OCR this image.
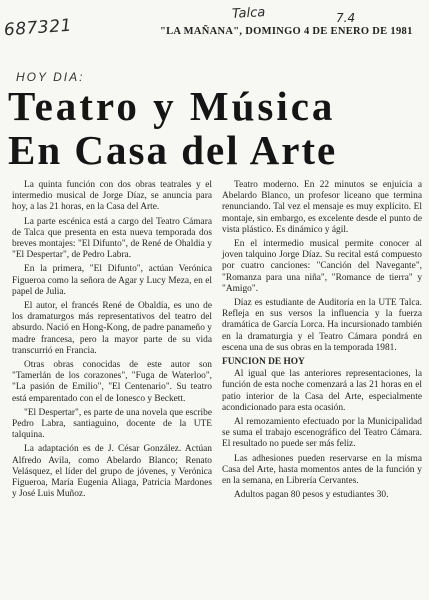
687321
Talca	7.4
"LA MAÑANA", DOMINGO 4 DE ENERO DE 1981
HOY DIA:
Teatro y Música
En Casa del Arte

La quinta función con dos obras teatrales y el intermedio musical de Jorge Díaz, se anuncia para hoy, a las 21 horas, en la Casa del Arte.

La parte escénica está a cargo del Teatro Cámara de Talca que presenta en esta nueva temporada dos breves montajes: "El Difunto", de René de Ohaldia y "El Despertar", de Pedro Labra.

En la primera, "El Difunto", actúan Verónica Figueroa como la señora de Agar y Lucy Meza, en el papel de Julia.

El autor, el francés René de Obaldía, es uno de los dramaturgos más representativos del teatro del absurdo. Nació en Hong-Kong, de padre panameño y madre francesa, pero la mayor parte de su vida transcurrió en Francia.

Otras obras conocidas de este autor son "Tamerlán de los corazones", "Fuga de Waterloo", "La pasión de Emilio", "El Centenario". Su teatro está emparentado con el de Ionesco y Beckett.

"El Despertar", es parte de una novela que escribe Pedro Labra, santiaguino, docente de la UTE talquina.

La adaptación es de J. César González. Actúan Alfredo Avila, como Abelardo Blanco; Renato Velásquez, el líder del grupo de jóvenes, y Verónica Figueroa, María Eugenia Aliaga, Patricia Mardones y José Luis Muñoz.

Teatro moderno. En 22 minutos se enjuicia a Abelardo Blanco, un profesor liceano que termina renunciando. Tal vez el mensaje es muy explícito. El montaje, sin embargo, es excelente desde el punto de vista plástico. Es dinámico y ágil.

En el intermedio musical permite conocer al joven talquino Jorge Díaz. Su recital está compuesto por cuatro canciones: "Canción del Navegante", "Romanza para una niña", "Romance de tierra" y "Amigo".

Díaz es estudiante de Auditoría en la UTE Talca. Refleja en sus versos la influencia y la fuerza dramática de García Lorca. Ha incursionado también en la dramaturgia y el Teatro Cámara pondrá en escena una de sus obras en la temporada 1981.

FUNCION DE HOY

Al igual que las anteriores representaciones, la función de esta noche comenzará a las 21 horas en el patio interior de la Casa del Arte, especialmente acondicionado para esta ocasión.

Al remozamiento efectuado por la Municipalidad se suma el trabajo escenográfico del Teatro Cámara. El resultado no puede ser más feliz.

Las adhesiones pueden reservarse en la misma Casa del Arte, hasta momentos antes de la función y en la semana, en Librería Cervantes.

Adultos pagan 80 pesos y estudiantes 30.
